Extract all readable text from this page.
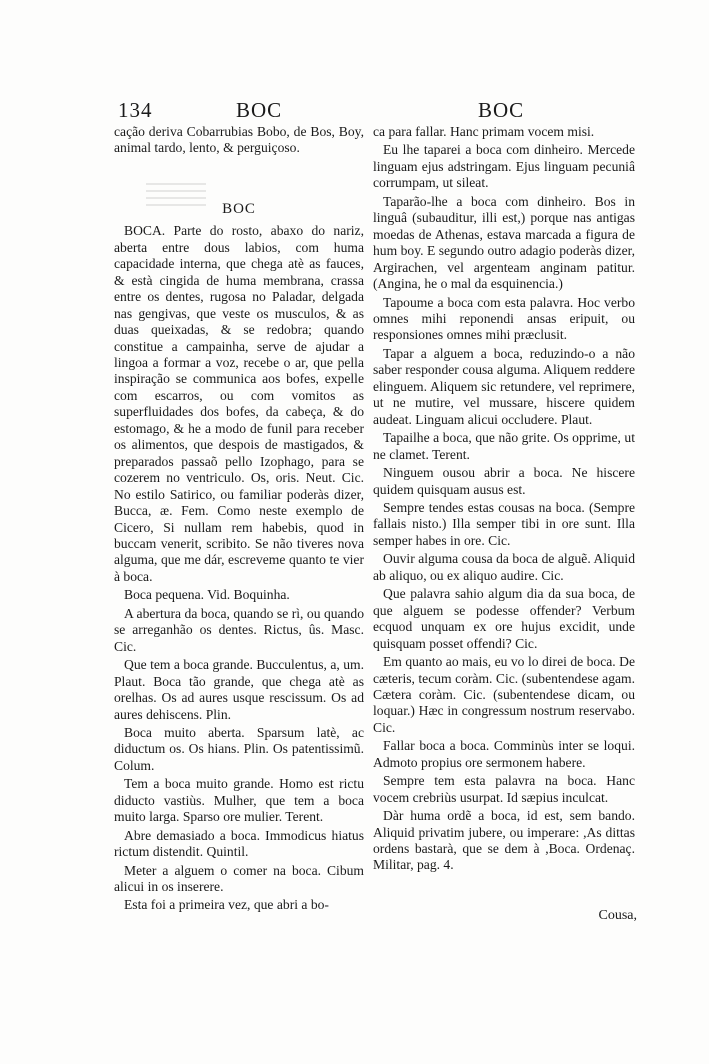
134	BOC	BOC

cação deriva Cobarrubias Bobo, de Bos, Boy, animal tardo, lento, & perguiçoso.

BOC

BOCA. Parte do rosto, abaxo do nariz, aberta entre dous labios, com huma capacidade interna, que chega atè as fauces, & està cingida de huma membrana, crassa entre os dentes, rugosa no Paladar, delgada nas gengivas, que veste os musculos, & as duas queixadas, & se redobra; quando constitue a campainha, serve de ajudar a lingoa a formar a voz, recebe o ar, que pella inspiração se communica aos bofes, expelle com escarros, ou com vomitos as superfluidades dos bofes, da cabeça, & do estomago, & he a modo de funil para receber os alimentos, que despois de mastigados, & preparados passaõ pello Izophago, para se cozerem no ventriculo. Os, oris. Neut. Cic. No estilo Satirico, ou familiar poderàs dizer, Bucca, æ. Fem. Como neste exemplo de Cicero, Si nullam rem habebis, quod in buccam venerit, scribito. Se não tiveres nova alguma, que me dár, escreveme quanto te vier à boca.

Boca pequena. Vid. Boquinha.

A abertura da boca, quando se rì, ou quando se arreganhão os dentes. Rictus, ûs. Masc. Cic.

Que tem a boca grande. Bucculentus, a, um. Plaut. Boca tão grande, que chega atè as orelhas. Os ad aures usque rescissum. Os ad aures dehiscens. Plin.

Boca muito aberta. Sparsum latè, ac diductum os. Os hians. Plin. Os patentissimũ. Colum.

Tem a boca muito grande. Homo est rictu diducto vastiùs. Mulher, que tem a boca muito larga. Sparso ore mulier. Terent.

Abre demasiado a boca. Immodicus hiatus rictum distendit. Quintil.

Meter a alguem o comer na boca. Cibum alicui in os inserere.

Esta foi a primeira vez, que abri a bo-

ca para fallar. Hanc primam vocem misi.

Eu lhe taparei a boca com dinheiro. Mercede linguam ejus adstringam. Ejus linguam pecuniâ corrumpam, ut sileat.

Taparão-lhe a boca com dinheiro. Bos in linguâ (subauditur, illi est,) porque nas antigas moedas de Athenas, estava marcada a figura de hum boy. E segundo outro adagio poderàs dizer, Argirachen, vel argenteam anginam patitur. (Angina, he o mal da esquinencia.)

Tapoume a boca com esta palavra. Hoc verbo omnes mihi reponendi ansas eripuit, ou responsiones omnes mihi præclusit.

Tapar a alguem a boca, reduzindo-o a não saber responder cousa alguma. Aliquem reddere elinguem. Aliquem sic retundere, vel reprimere, ut ne mutire, vel mussare, hiscere quidem audeat. Linguam alicui occludere. Plaut.

Tapailhe a boca, que não grite. Os opprime, ut ne clamet. Terent.

Ninguem ousou abrir a boca. Ne hiscere quidem quisquam ausus est.

Sempre tendes estas cousas na boca. (Sempre fallais nisto.) Illa semper tibi in ore sunt. Illa semper habes in ore. Cic.

Ouvir alguma cousa da boca de alguẽ. Aliquid ab aliquo, ou ex aliquo audire. Cic.

Que palavra sahio algum dia da sua boca, de que alguem se podesse offender? Verbum ecquod unquam ex ore hujus excidit, unde quisquam posset offendi? Cic.

Em quanto ao mais, eu vo lo direi de boca. De cæteris, tecum coràm. Cic. (subentendese agam. Cætera coràm. Cic. (subentendese dicam, ou loquar.) Hæc in congressum nostrum reservabo. Cic.

Fallar boca a boca. Comminùs inter se loqui. Admoto propius ore sermonem habere.

Sempre tem esta palavra na boca. Hanc vocem crebriùs usurpat. Id sæpius inculcat.

Dàr huma ordẽ a boca, id est, sem bando. Aliquid privatim jubere, ou imperare: ,As dittas ordens bastarà, que se dem à ,Boca. Ordenaç. Militar, pag. 4.

Cousa,
